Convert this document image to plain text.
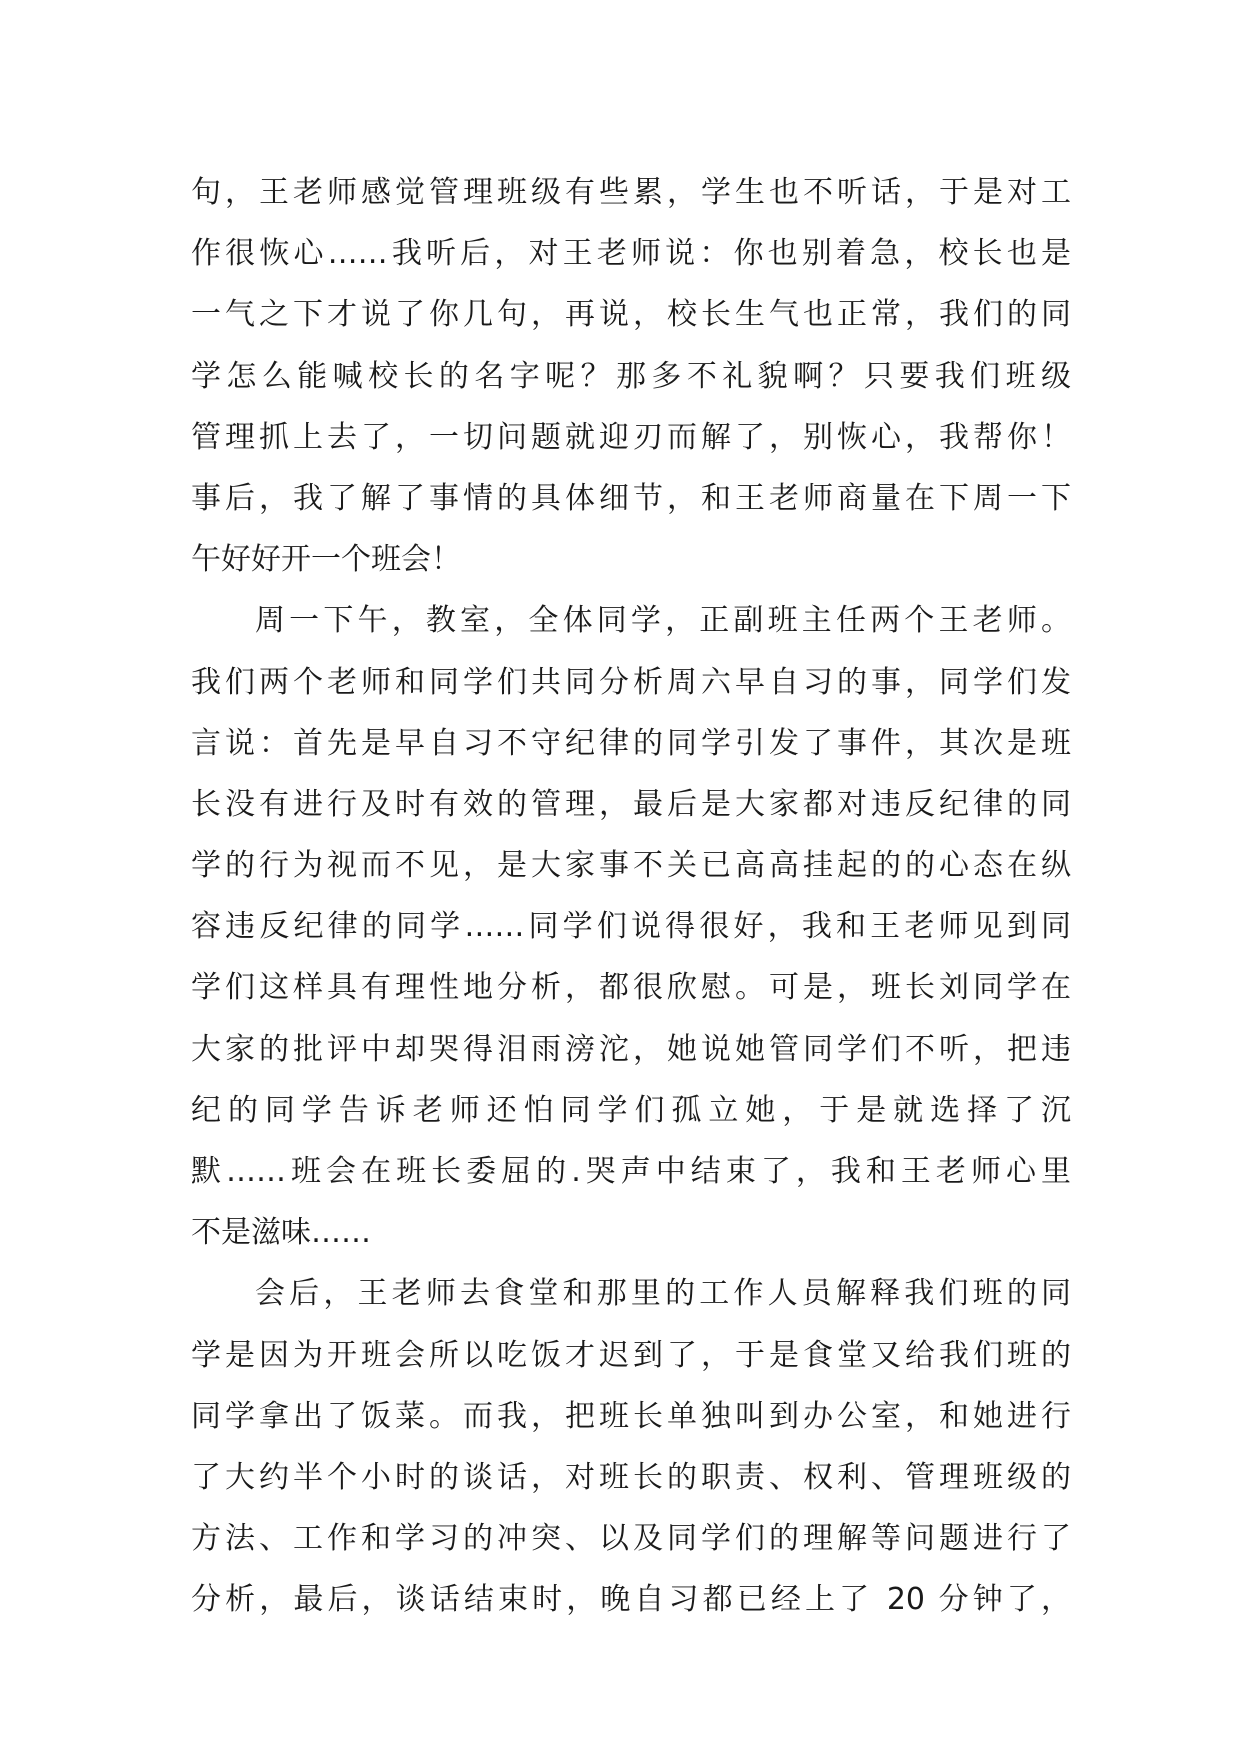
句，王老师感觉管理班级有些累，学生也不听话，于是对工
作很恢心……我听后，对王老师说：你也别着急，校长也是
一气之下才说了你几句，再说，校长生气也正常，我们的同
学怎么能喊校长的名字呢？那多不礼貌啊？只要我们班级
管理抓上去了，一切问题就迎刃而解了，别恢心，我帮你！
事后，我了解了事情的具体细节，和王老师商量在下周一下
午好好开一个班会！
周一下午，教室，全体同学，正副班主任两个王老师。
我们两个老师和同学们共同分析周六早自习的事，同学们发
言说：首先是早自习不守纪律的同学引发了事件，其次是班
长没有进行及时有效的管理，最后是大家都对违反纪律的同
学的行为视而不见，是大家事不关已高高挂起的的心态在纵
容违反纪律的同学……同学们说得很好，我和王老师见到同
学们这样具有理性地分析，都很欣慰。可是，班长刘同学在
大家的批评中却哭得泪雨滂沱，她说她管同学们不听，把违
纪的同学告诉老师还怕同学们孤立她，于是就选择了沉
默……班会在班长委屈的.哭声中结束了，我和王老师心里
不是滋味……
会后，王老师去食堂和那里的工作人员解释我们班的同
学是因为开班会所以吃饭才迟到了，于是食堂又给我们班的
同学拿出了饭菜。而我，把班长单独叫到办公室，和她进行
了大约半个小时的谈话，对班长的职责、权利、管理班级的
方法、工作和学习的冲突、以及同学们的理解等问题进行了
分析，最后，谈话结束时，晚自习都已经上了 20 分钟了，
